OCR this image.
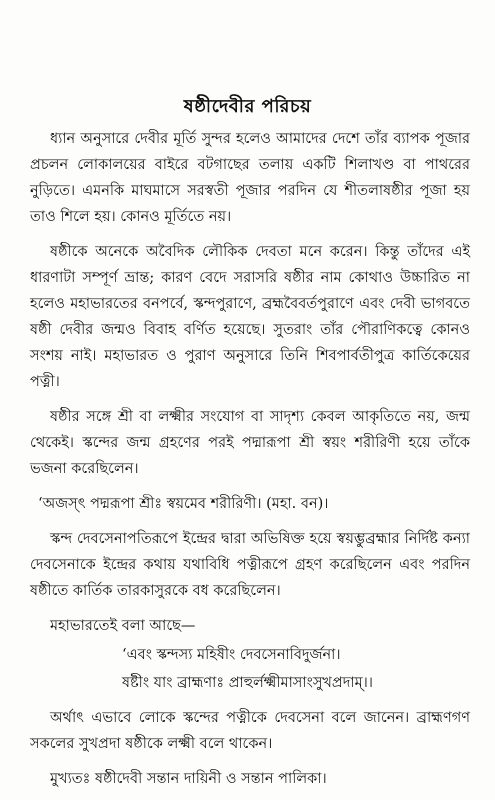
ষষ্ঠীদেবীর পরিচয়

ধ্যান অনুসারে দেবীর মূর্তি সুন্দর হলেও আমাদের দেশে তাঁর ব্যাপক পূজার প্রচলন লোকালয়ের বাইরে বটগাছের তলায় একটি শিলাখণ্ড বা পাথরের নুড়িতে। এমনকি মাঘমাসে সরস্বতী পূজার পরদিন যে শীতলাষষ্ঠীর পূজা হয় তাও শিলে হয়। কোনও মূর্তিতে নয়।

ষষ্ঠীকে অনেকে অবৈদিক লৌকিক দেবতা মনে করেন। কিন্তু তাঁদের এই ধারণাটা সম্পূর্ণ ভ্রান্ত; কারণ বেদে সরাসরি ষষ্ঠীর নাম কোথাও উচ্চারিত না হলেও মহাভারতের বনপর্বে, স্কন্দপুরাণে, ব্রহ্মবৈবর্তপুরাণে এবং দেবী ভাগবতে ষষ্ঠী দেবীর জন্মও বিবাহ বর্ণিত হয়েছে। সুতরাং তাঁর পৌরাণিকত্বে কোনও সংশয় নাই। মহাভারত ও পুরাণ অনুসারে তিনি শিবপার্বতীপুত্র কার্তিকেয়ের পত্নী।

ষষ্ঠীর সঙ্গে শ্রী বা লক্ষ্মীর সংযোগ বা সাদৃশ্য কেবল আকৃতিতে নয়, জন্ম থেকেই। স্কন্দের জন্ম গ্রহণের পরই পদ্মারূপা শ্রী স্বয়ং শরীরিণী হয়ে তাঁকে ভজনা করেছিলেন।

‘অজস্ৎ পদ্মরূপা শ্রীঃ স্বয়মেব শরীরিণী। (মহা. বন)।

স্কন্দ দেবসেনাপতিরূপে ইন্দ্রের দ্বারা অভিষিক্ত হয়ে স্বয়ম্ভুব্রহ্মার নির্দিষ্ট কন্যা দেবসেনাকে ইন্দ্রের কথায় যথাবিধি পত্নীরূপে গ্রহণ করেছিলেন এবং পরদিন ষষ্ঠীতে কার্তিক তারকাসুরকে বধ করেছিলেন।

মহাভারতেই বলা আছে—

‘এবং স্কন্দস্য মহিষীং দেবসেনাবিদুর্জনা।

ষষ্টীং যাং ব্রাহ্মণাঃ প্রাহুর্লক্ষ্মীমাসাংসুখপ্রদাম্।।

অর্থাৎ এভাবে লোকে স্কন্দের পত্নীকে দেবসেনা বলে জানেন। ব্রাহ্মণগণ সকলের সুখপ্রদা ষষ্ঠীকে লক্ষ্মী বলে থাকেন।

মুখ্যতঃ ষষ্ঠীদেবী সন্তান দায়িনী ও সন্তান পালিকা।
